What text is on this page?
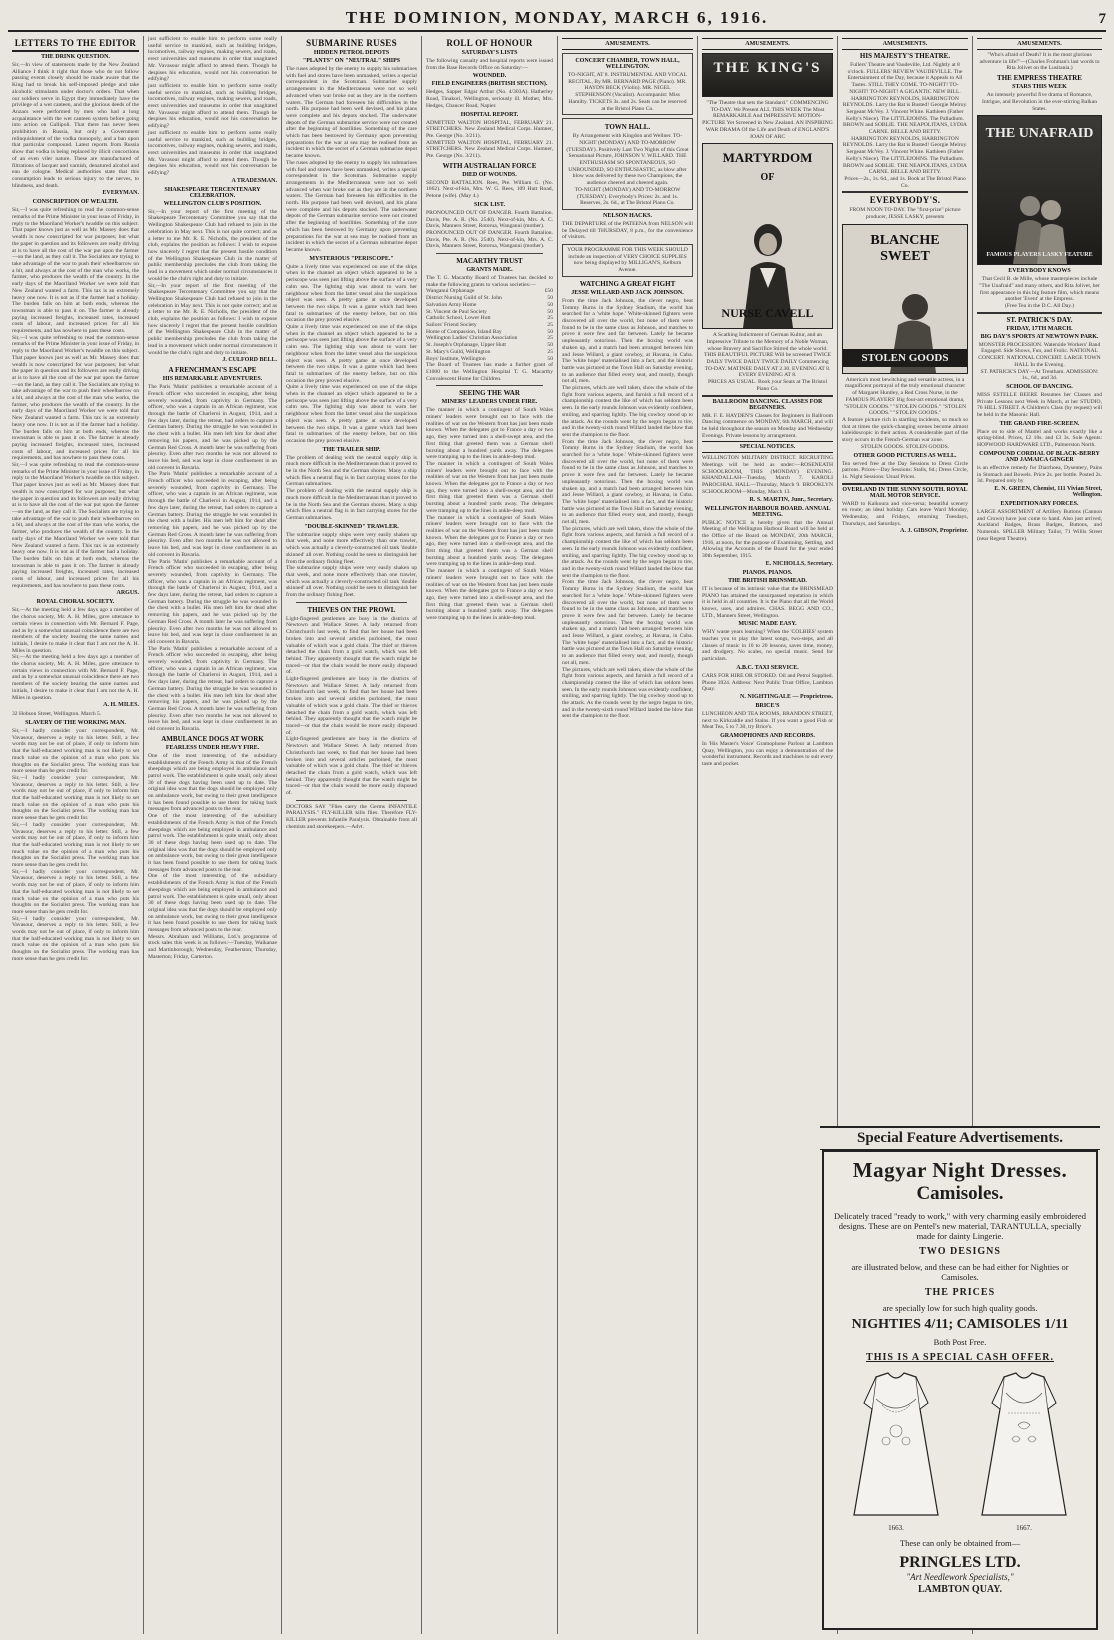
THE DOMINION, MONDAY, MARCH 6, 1916.	7
LETTERS TO THE EDITOR
THE DRINK QUESTION.

Sir,—In view of statements made by the New Zealand Alliance I think it right that those who do not follow passing events closely should be made aware that the King had to break his self-imposed pledge and take alcoholic stimulants under doctor's orders. That when our soldiers serve in Egypt they immediately have the privilege of a wet canteen, and the glorious deeds of the Anzacs were performed by men who had a long acquaintance with the wet canteen system before going into action on Gallipoli. That there has never been prohibition in Russia, but only a Government relinquishment of the vodka monopoly, and a ban upon that particular compound. Latest reports from Russia show that vodka is being replaced by illicit concoctions of an even viler nature. These are manufactured of filtrations of lacquer and varnish, denatured alcohol and eau de cologne. Medical authorities state that this consumption leads to serious injury to the nerves, to blindness, and death.

EVERYMAN.
CONSCRIPTION OF WEALTH.

Sir,—I was quite refreshing to read the common-sense remarks of the Prime Minister in your issue of Friday, in reply to the Maoriland Worker's twaddle on this subject. That paper knows just as well as Mr. Massey does that wealth is now conscripted for war purposes; but what the paper in question and its followers are really driving at is to have all the cost of the war put upon the farmer—on the land, as they call it. The Socialists are trying to take advantage of the war to push their wheelbarrow on a bit, and always at the cost of the man who works, the farmer, who produces the wealth of the country. In the early days of the Maoriland Worker we were told that New Zealand wanted a farm. This tax is an extremely heavy one now. It is not as if the farmer had a holiday. The burden falls on him at both ends, whereas the townsman is able to pass it on. The farmer is already paying increased freights, increased rates, increased costs of labour, and increased prices for all his requirements, and has nowhere to pass these costs.

Sir,—I was quite refreshing to read the common-sense remarks of the Prime Minister in your issue of Friday, in reply to the Maoriland Worker's twaddle on this subject. That paper knows just as well as Mr. Massey does that wealth is now conscripted for war purposes; but what the paper in question and its followers are really driving at is to have all the cost of the war put upon the farmer—on the land, as they call it. The Socialists are trying to take advantage of the war to push their wheelbarrow on a bit, and always at the cost of the man who works, the farmer, who produces the wealth of the country. In the early days of the Maoriland Worker we were told that New Zealand wanted a farm. This tax is an extremely heavy one now. It is not as if the farmer had a holiday. The burden falls on him at both ends, whereas the townsman is able to pass it on. The farmer is already paying increased freights, increased rates, increased costs of labour, and increased prices for all his requirements, and has nowhere to pass these costs.

Sir,—I was quite refreshing to read the common-sense remarks of the Prime Minister in your issue of Friday, in reply to the Maoriland Worker's twaddle on this subject. That paper knows just as well as Mr. Massey does that wealth is now conscripted for war purposes; but what the paper in question and its followers are really driving at is to have all the cost of the war put upon the farmer—on the land, as they call it. The Socialists are trying to take advantage of the war to push their wheelbarrow on a bit, and always at the cost of the man who works, the farmer, who produces the wealth of the country. In the early days of the Maoriland Worker we were told that New Zealand wanted a farm. This tax is an extremely heavy one now. It is not as if the farmer had a holiday. The burden falls on him at both ends, whereas the townsman is able to pass it on. The farmer is already paying increased freights, increased rates, increased costs of labour, and increased prices for all his requirements, and has nowhere to pass these costs.

ARGUS.
ROYAL CHORAL SOCIETY.

Sir,—At the meeting held a few days ago a member of the chorus society, Mr. A. H. Miles, gave utterance to certain views in connection with Mr. Bernard F. Page, and as by a somewhat unusual coincidence there are two members of the society bearing the same names and initials, I desire to make it clear that I am not the A. H. Miles in question.

Sir,—At the meeting held a few days ago a member of the chorus society, Mr. A. H. Miles, gave utterance to certain views in connection with Mr. Bernard F. Page, and as by a somewhat unusual coincidence there are two members of the society bearing the same names and initials, I desire to make it clear that I am not the A. H. Miles in question.

A. H. MILES.

32 Hobson Street, Wellington. March 5.

SLAVERY OF THE WORKING MAN.

Sir,—I hadly consider your correspondent, Mr. Vavasour, deserves a reply to his letter. Still, a few words may not be out of place, if only to inform him that the half-educated working man is not likely to set much value on the opinion of a man who puts his thoughts on the Socialist press. The working man has more sense than he gets credit for.

Sir,—I hadly consider your correspondent, Mr. Vavasour, deserves a reply to his letter. Still, a few words may not be out of place, if only to inform him that the half-educated working man is not likely to set much value on the opinion of a man who puts his thoughts on the Socialist press. The working man has more sense than he gets credit for.

Sir,—I hadly consider your correspondent, Mr. Vavasour, deserves a reply to his letter. Still, a few words may not be out of place, if only to inform him that the half-educated working man is not likely to set much value on the opinion of a man who puts his thoughts on the Socialist press. The working man has more sense than he gets credit for.

Sir,—I hadly consider your correspondent, Mr. Vavasour, deserves a reply to his letter. Still, a few words may not be out of place, if only to inform him that the half-educated working man is not likely to set much value on the opinion of a man who puts his thoughts on the Socialist press. The working man has more sense than he gets credit for.

Sir,—I hadly consider your correspondent, Mr. Vavasour, deserves a reply to his letter. Still, a few words may not be out of place, if only to inform him that the half-educated working man is not likely to set much value on the opinion of a man who puts his thoughts on the Socialist press. The working man has more sense than he gets credit for.

just sufficient to enable him to perform some really useful service to mankind, such as building bridges, locomotives, railway engines, making sewers, and roads, erect universities and museums in order that unagitated Mr. Vavasour might afford to attend them. Though he despises his education, would not his conversation be edifying?

just sufficient to enable him to perform some really useful service to mankind, such as building bridges, locomotives, railway engines, making sewers, and roads, erect universities and museums in order that unagitated Mr. Vavasour might afford to attend them. Though he despises his education, would not his conversation be edifying?

just sufficient to enable him to perform some really useful service to mankind, such as building bridges, locomotives, railway engines, making sewers, and roads, erect universities and museums in order that unagitated Mr. Vavasour might afford to attend them. Though he despises his education, would not his conversation be edifying?

A TRADESMAN.
SHAKESPEARE TERCENTENARY CELEBRATION.
WELLINGTON CLUB'S POSITION.

Sir,—In your report of the first meeting of the Shakespeare Tercentenary Committee you say that the Wellington Shakespeare Club had refused to join in the celebration in May next. This is not quite correct; and as a letter to me Mr. R. E. Nicholls, the president of the club, explains the position as follows: I wish to expose how sincerely I regret that the present hostile condition of the Wellington Shakespeare Club in the matter of public membership precludes the club from taking the lead in a movement which under normal circumstances it would be the club's right and duty to initiate.

Sir,—In your report of the first meeting of the Shakespeare Tercentenary Committee you say that the Wellington Shakespeare Club had refused to join in the celebration in May next. This is not quite correct; and as a letter to me Mr. R. E. Nicholls, the president of the club, explains the position as follows: I wish to expose how sincerely I regret that the present hostile condition of the Wellington Shakespeare Club in the matter of public membership precludes the club from taking the lead in a movement which under normal circumstances it would be the club's right and duty to initiate.

J. CULFORD BELL.
A FRENCHMAN'S ESCAPE
HIS REMARKABLE ADVENTURES.

The Paris 'Matin' publishes a remarkable account of a French officer who succeeded in escaping, after being severely wounded, from captivity in Germany. The officer, who was a captain in an African regiment, was through the battle of Charleroi in August, 1914, and a few days later, during the retreat, had orders to capture a German battery. During the struggle he was wounded in the chest with a bullet. His men left him for dead after removing his papers, and he was picked up by the German Red Cross. A month later he was suffering from pleurisy. Even after two months he was not allowed to leave his bed, and was kept in close confinement in an old convent in Bavaria.

The Paris 'Matin' publishes a remarkable account of a French officer who succeeded in escaping, after being severely wounded, from captivity in Germany. The officer, who was a captain in an African regiment, was through the battle of Charleroi in August, 1914, and a few days later, during the retreat, had orders to capture a German battery. During the struggle he was wounded in the chest with a bullet. His men left him for dead after removing his papers, and he was picked up by the German Red Cross. A month later he was suffering from pleurisy. Even after two months he was not allowed to leave his bed, and was kept in close confinement in an old convent in Bavaria.

The Paris 'Matin' publishes a remarkable account of a French officer who succeeded in escaping, after being severely wounded, from captivity in Germany. The officer, who was a captain in an African regiment, was through the battle of Charleroi in August, 1914, and a few days later, during the retreat, had orders to capture a German battery. During the struggle he was wounded in the chest with a bullet. His men left him for dead after removing his papers, and he was picked up by the German Red Cross. A month later he was suffering from pleurisy. Even after two months he was not allowed to leave his bed, and was kept in close confinement in an old convent in Bavaria.

The Paris 'Matin' publishes a remarkable account of a French officer who succeeded in escaping, after being severely wounded, from captivity in Germany. The officer, who was a captain in an African regiment, was through the battle of Charleroi in August, 1914, and a few days later, during the retreat, had orders to capture a German battery. During the struggle he was wounded in the chest with a bullet. His men left him for dead after removing his papers, and he was picked up by the German Red Cross. A month later he was suffering from pleurisy. Even after two months he was not allowed to leave his bed, and was kept in close confinement in an old convent in Bavaria.

AMBULANCE DOGS AT WORK
FEARLESS UNDER HEAVY FIRE.

One of the most interesting of the subsidiary establishments of the French Army is that of the French sheepdogs which are being employed in ambulance and patrol work. The establishment is quite small, only about 30 of these dogs having been used up to date. The original idea was that the dogs should be employed only on ambulance work, but owing to their great intelligence it has been found possible to use them for taking back messages from advanced posts to the rear.

One of the most interesting of the subsidiary establishments of the French Army is that of the French sheepdogs which are being employed in ambulance and patrol work. The establishment is quite small, only about 30 of these dogs having been used up to date. The original idea was that the dogs should be employed only on ambulance work, but owing to their great intelligence it has been found possible to use them for taking back messages from advanced posts to the rear.

One of the most interesting of the subsidiary establishments of the French Army is that of the French sheepdogs which are being employed in ambulance and patrol work. The establishment is quite small, only about 30 of these dogs having been used up to date. The original idea was that the dogs should be employed only on ambulance work, but owing to their great intelligence it has been found possible to use them for taking back messages from advanced posts to the rear.

Messrs. Abraham and Williams, Ltd.'s programme of stock sales this week is as follows:—Tuesday, Waikanae and Martinborough; Wednesday, Featherston; Thursday, Masterton; Friday, Carterton.

SUBMARINE RUSES
HIDDEN PETROL DEPOTS
"PLANTS" ON "NEUTRAL" SHIPS

The ruses adopted by the enemy to supply his submarines with fuel and stores have been unmasked, writes a special correspondent in the Scotsman. Submarine supply arrangements in the Mediterranean were not so well advanced when war broke out as they are in the northern waters. The German had foreseen his difficulties in the north. His purpose had been well devised, and his plans were complete and his depots stocked. The underwater depots of the German submarine service were not created after the beginning of hostilities. Something of the care which has been bestowed by Germany upon preventing preparations for the war at sea may be realised from an incident in which the secret of a German submarine depot became known.

The ruses adopted by the enemy to supply his submarines with fuel and stores have been unmasked, writes a special correspondent in the Scotsman. Submarine supply arrangements in the Mediterranean were not so well advanced when war broke out as they are in the northern waters. The German had foreseen his difficulties in the north. His purpose had been well devised, and his plans were complete and his depots stocked. The underwater depots of the German submarine service were not created after the beginning of hostilities. Something of the care which has been bestowed by Germany upon preventing preparations for the war at sea may be realised from an incident in which the secret of a German submarine depot became known.

MYSTERIOUS "PERISCOPE."

Quite a lively time was experienced on one of the ships when in the channel an object which appeared to be a periscope was seen just lifting above the surface of a very calm sea. The lighting ship was about to warn her neighbour when from the latter vessel also the suspicious object was seen. A pretty game at once developed between the two ships. It was a game which had been fatal to submarines of the enemy before, but on this occasion the prey proved elusive.

Quite a lively time was experienced on one of the ships when in the channel an object which appeared to be a periscope was seen just lifting above the surface of a very calm sea. The lighting ship was about to warn her neighbour when from the latter vessel also the suspicious object was seen. A pretty game at once developed between the two ships. It was a game which had been fatal to submarines of the enemy before, but on this occasion the prey proved elusive.

Quite a lively time was experienced on one of the ships when in the channel an object which appeared to be a periscope was seen just lifting above the surface of a very calm sea. The lighting ship was about to warn her neighbour when from the latter vessel also the suspicious object was seen. A pretty game at once developed between the two ships. It was a game which had been fatal to submarines of the enemy before, but on this occasion the prey proved elusive.

THE TRAILER SHIP.

The problem of dealing with the neutral supply ship is much more difficult in the Mediterranean than it proved to be in the North Sea and the German shores. Many a ship which flies a neutral flag is in fact carrying stores for the German submarines.

The problem of dealing with the neutral supply ship is much more difficult in the Mediterranean than it proved to be in the North Sea and the German shores. Many a ship which flies a neutral flag is in fact carrying stores for the German submarines.

"DOUBLE-SKINNED" TRAWLER.

The submarine supply ships were very easily shaken up that week, and none more effectively than one trawler, which was actually a cleverly-constructed oil tank 'double skinned' all over. Nothing could be seen to distinguish her from the ordinary fishing fleet.

The submarine supply ships were very easily shaken up that week, and none more effectively than one trawler, which was actually a cleverly-constructed oil tank 'double skinned' all over. Nothing could be seen to distinguish her from the ordinary fishing fleet.

THIEVES ON THE PROWL

Light-fingered gentlemen are busy in the districts of Newtown and Wallace Street. A lady returned from Christchurch last week, to find that her house had been broken into and several articles purloined, the most valuable of which was a gold chain. The thief or thieves detached the chain from a gold watch, which was left behind. They apparently thought that the watch might be traced—or that the chain would be more easily disposed of.

Light-fingered gentlemen are busy in the districts of Newtown and Wallace Street. A lady returned from Christchurch last week, to find that her house had been broken into and several articles purloined, the most valuable of which was a gold chain. The thief or thieves detached the chain from a gold watch, which was left behind. They apparently thought that the watch might be traced—or that the chain would be more easily disposed of.

Light-fingered gentlemen are busy in the districts of Newtown and Wallace Street. A lady returned from Christchurch last week, to find that her house had been broken into and several articles purloined, the most valuable of which was a gold chain. The thief or thieves detached the chain from a gold watch, which was left behind. They apparently thought that the watch might be traced—or that the chain would be more easily disposed of.

DOCTORS SAY "Flies carry the Germs INFANTILE PARALYSIS." FLY-KILLER kills flies. Therefore FLY-KILLER prevents Infantile Paralysis. Obtainable from all chemists and storekeepers.—Advt.

ROLL OF HONOUR
SATURDAY'S LISTS

The following casualty and hospital reports were issued from the Base Records Office on Saturday:—

WOUNDED.
FIELD ENGINEERS (BRITISH SECTION).

Hedges, Sapper Edgar Arthur (No. 4/303A). Hatherley Road, Tinakori, Wellington, seriously ill. Mother, Mrs. Hedges, Chaucer Road, Napier.

HOSPITAL REPORT.

ADMITTED WALTON HOSPITAL, FEBRUARY 21. STRETCHERS. New Zealand Medical Corps. Hamner, Pte. George (No. 3/211).

ADMITTED WALTON HOSPITAL, FEBRUARY 21. STRETCHERS. New Zealand Medical Corps. Hamner, Pte. George (No. 3/211).

WITH AUSTRALIAN FORCE
DIED OF WOUNDS.

SECOND BATTALION. Rees, Pte. William G. (No. 1662). Next-of-kin, Mrs. W. G. Rees, 109 Hutt Road, Petone (wife). (May 4.)

SICK LIST.

PRONOUNCED OUT OF DANGER. Fourth Battalion. Davis, Pte. A. R. (No. 2540). Next-of-kin, Mrs. A. C. Davis, Manners Street, Rotorua, Wanganui (mother).

PRONOUNCED OUT OF DANGER. Fourth Battalion. Davis, Pte. A. R. (No. 2540). Next-of-kin, Mrs. A. C. Davis, Manners Street, Rotorua, Wanganui (mother).

MACARTHY TRUST
GRANTS MADE.

The T. G. Macarthy Board of Trustees has decided to make the following grants to various societies:—

Wanganui Orphanage	£50
District Nursing Guild of St. John	50
Salvation Army Home	50
St. Vincent de Paul Society	50
Catholic School, Lower Hutt	25
Sailors' Friend Society	25
Home of Compassion, Island Bay	50
Wellington Ladies' Christian Association	25
St. Joseph's Orphanage, Upper Hutt	50
St. Mary's Guild, Wellington	25
Boys' Institute, Wellington	50

The Board of Trustees has made a further grant of £1000 to the Wellington Hospital T. G. Macarthy Convalescent Home for Children.

SEEING THE WAR
MINERS' LEADERS UNDER FIRE.

The manner in which a contingent of South Wales miners' leaders were brought out to face with the realities of war on the Western front has just been made known. When the delegates got to France a day or two ago, they were turned into a shell-swept area, and the first thing that greeted them was a German shell bursting about a hundred yards away. The delegates were tramping up to the lines in ankle-deep mud.

The manner in which a contingent of South Wales miners' leaders were brought out to face with the realities of war on the Western front has just been made known. When the delegates got to France a day or two ago, they were turned into a shell-swept area, and the first thing that greeted them was a German shell bursting about a hundred yards away. The delegates were tramping up to the lines in ankle-deep mud.

The manner in which a contingent of South Wales miners' leaders were brought out to face with the realities of war on the Western front has just been made known. When the delegates got to France a day or two ago, they were turned into a shell-swept area, and the first thing that greeted them was a German shell bursting about a hundred yards away. The delegates were tramping up to the lines in ankle-deep mud.

The manner in which a contingent of South Wales miners' leaders were brought out to face with the realities of war on the Western front has just been made known. When the delegates got to France a day or two ago, they were turned into a shell-swept area, and the first thing that greeted them was a German shell bursting about a hundred yards away. The delegates were tramping up to the lines in ankle-deep mud.

AMUSEMENTS.
CONCERT CHAMBER, TOWN HALL, WELLINGTON.

TO-NIGHT, AT 8. INSTRUMENTAL AND VOCAL RECITAL, By MR. BERNARD PAGE (Piano). MR. HAYDN BECK (Violin). MR. NIGEL STEPHENSON (Vocalist). Accompanist: Miss Hamilty. TICKETS 3s. and 2s. Seats can be reserved at the Bristol Piano Co.

TOWN HALL.

By Arrangement with Kingdon and Wellner. TO-NIGHT (MONDAY) AND TO-MORROW (TUESDAY). Positively Last Two Nights of this Great Sensational Picture, JOHNSON V. WILLARD. THE ENTHUSIASM SO SPONTANEOUS, SO UNBOUNDED, SO ENTHUSIASTIC, as blow after blow was delivered by these two Champions, the audience cheered and cheered again.

TO-NIGHT (MONDAY) AND TO-MORROW (TUESDAY). Everybody's Prices: 2s. and 1s. Reserves, 2s. 6d., at The Bristol Piano Co.

NELSON HACKS.

THE DEPARTURE of the PATEENA from NELSON will be Delayed till THURSDAY, 8 p.m., for the convenience of visitors.

YOUR PROGRAMME FOR THIS WEEK SHOULD include an inspection of VERY CHOICE SUPPLIES now being displayed by MILLIGAN'S, Kelburn Avenue.

WATCHING A GREAT FIGHT
JESSE WILLARD AND JACK JOHNSON.

From the time Jack Johnson, the clever negro, beat Tommy Burns in the Sydney Stadium, the world has searched for a 'white hope.' White-skinned fighters were discovered all over the world, but none of them were found to be in the same class as Johnson, and matches to prove it were few and far between. Lately he became unpleasantly notorious. Then the boxing world was shaken up, and a match had been arranged between him and Jesse Willard, a giant cowboy, at Havana, in Cuba. The 'white hope' materialised into a fact, and the historic battle was pictured at the Town Hall on Saturday evening, to an audience that filled every seat, and mostly, though not all, men.

The pictures, which are well taken, show the whole of the fight from various aspects, and furnish a full record of a championship contest the like of which has seldom been seen. In the early rounds Johnson was evidently confident, smiling, and sparring lightly. The big cowboy stood up to the attack. As the rounds went by the negro began to tire, and in the twenty-sixth round Willard landed the blow that sent the champion to the floor.

From the time Jack Johnson, the clever negro, beat Tommy Burns in the Sydney Stadium, the world has searched for a 'white hope.' White-skinned fighters were discovered all over the world, but none of them were found to be in the same class as Johnson, and matches to prove it were few and far between. Lately he became unpleasantly notorious. Then the boxing world was shaken up, and a match had been arranged between him and Jesse Willard, a giant cowboy, at Havana, in Cuba. The 'white hope' materialised into a fact, and the historic battle was pictured at the Town Hall on Saturday evening, to an audience that filled every seat, and mostly, though not all, men.

The pictures, which are well taken, show the whole of the fight from various aspects, and furnish a full record of a championship contest the like of which has seldom been seen. In the early rounds Johnson was evidently confident, smiling, and sparring lightly. The big cowboy stood up to the attack. As the rounds went by the negro began to tire, and in the twenty-sixth round Willard landed the blow that sent the champion to the floor.

From the time Jack Johnson, the clever negro, beat Tommy Burns in the Sydney Stadium, the world has searched for a 'white hope.' White-skinned fighters were discovered all over the world, but none of them were found to be in the same class as Johnson, and matches to prove it were few and far between. Lately he became unpleasantly notorious. Then the boxing world was shaken up, and a match had been arranged between him and Jesse Willard, a giant cowboy, at Havana, in Cuba. The 'white hope' materialised into a fact, and the historic battle was pictured at the Town Hall on Saturday evening, to an audience that filled every seat, and mostly, though not all, men.

The pictures, which are well taken, show the whole of the fight from various aspects, and furnish a full record of a championship contest the like of which has seldom been seen. In the early rounds Johnson was evidently confident, smiling, and sparring lightly. The big cowboy stood up to the attack. As the rounds went by the negro began to tire, and in the twenty-sixth round Willard landed the blow that sent the champion to the floor.

AMUSEMENTS.
THE KING'S

"The Theatre that sets the Standard." COMMENCING TO-DAY. We Present ALL THIS WEEK The Most REMARKABLE And IMPRESSIVE MOTION-PICTURE Yet Screened in New Zealand. AN INSPIRING WAR DRAMA Of the Life and Death of ENGLAND'S JOAN OF ARC

MARTYRDOM
OF
NURSE CAVELL

A Scathing Indictment of German Kultur, and an Impressive Tribute to the Memory of a Noble Woman, whose Bravery and Sacrifice Stirred the whole world.

THIS BEAUTIFUL PICTURE Will be screened TWICE DAILY TWICE DAILY TWICE DAILY Commencing TO-DAY. MATINEE DAILY AT 2.30. EVENING AT 8. EVERY EVENING AT 8.

PRICES AS USUAL. Book your Seats at The Bristol Piano Co.

BALLROOM DANCING. CLASSES FOR BEGINNERS.

MR. F. E. HAYDEN'S Classes for Beginners in Ballroom Dancing commence on MONDAY, 6th MARCH, and will be held throughout the season on Monday and Wednesday Evenings. Private lessons by arrangement.

SPECIAL NOTICES.

WELLINGTON MILITARY DISTRICT. RECRUITING Meetings will be held as under:—ROSENEATH SCHOOLROOM, THIS (MONDAY) EVENING. KHANDALLAH—Tuesday, March 7. KAROLI PAROCHIAL HALL—Thursday, March 9. BROOKLYN SCHOOLROOM—Monday, March 13.

R. S. MARTIN, Junr., Secretary.
WELLINGTON HARBOUR BOARD. ANNUAL MEETING.

PUBLIC NOTICE is hereby given that the Annual Meeting of the Wellington Harbour Board will be held at the Office of the Board on MONDAY, 20th MARCH, 1916, at noon, for the purpose of Examining, Settling, and Allowing the Accounts of the Board for the year ended 30th September, 1915.

E. NICHOLLS, Secretary.
PIANOS. PIANOS.
THE BRITISH BRINSMEAD.

IT is because of its intrinsic value that the BRINSMEAD PIANO has attained the unsurpassed reputation in which it is held in all countries. It is the Piano that all the World knows, uses, and admires. CHAS. BEGG AND CO., LTD., Manners Street, Wellington.

MUSIC MADE EASY.

WHY waste years learning? When the 'COLBIES' system teaches you to play the latest songs, two-steps, and all classes of music in 10 to 20 lessons, saves time, money, and drudgery. No scales, no special music. Send for particulars.

A.B.C. TAXI SERVICE.

CARS FOR HIRE OR STORED. Oil and Petrol Supplied. Phone 3924. Address: Next Public Trust Office, Lambton Quay.

N. NIGHTINGALE — Proprietress.
BRICE'S

LUNCHEON AND TEA ROOMS, BRANDON STREET, next to Kirkcaldie and Stains. If you want a good Fish or Meat Tea, 5 to 7.30, try Brice's.

GRAMOPHONES AND RECORDS.

In 'His Master's Voice' Gramophone Parlour at Lambton Quay, Wellington, you can enjoy a demonstration of the wonderful instrument. Records and machines to suit every taste and pocket.

AMUSEMENTS.
HIS MAJESTY'S THEATRE.

Fullers' Theatre and Vaudeville, Ltd. Nightly at 8 o'clock. FULLERS' REVIEW VAUDEVILLE. The Entertainment of the Day, because it Appeals to All Tastes. STILL THEY COME. TO-NIGHT! TO-NIGHT! TO-NIGHT! A GIGANTIC NEW BILL.

HARRINGTON REYNOLDS, HARRINGTON REYNOLDS. Larry the Bat is Busted! Georgie Melroy. Sergeant McVey. J. Vincent White. Kathleen (Father Kelly's Niece). The LITTLEJOHNS. The Palladium. BROWN and SOBLIE. THE NEAPOLITANS, LYDIA CARNE. BELLE AND BETTY.

HARRINGTON REYNOLDS, HARRINGTON REYNOLDS. Larry the Bat is Busted! Georgie Melroy. Sergeant McVey. J. Vincent White. Kathleen (Father Kelly's Niece). The LITTLEJOHNS. The Palladium. BROWN and SOBLIE. THE NEAPOLITANS, LYDIA CARNE. BELLE AND BETTY.

Prices—2s., 1s. 6d., and 1s. Book at The Bristol Piano Co.

EVERYBODY'S.

FROM NOON TO-DAY. The "first-prize" picture producer, JESSE LASKY, presents

BLANCHE SWEET
STOLEN GOODS

America's most bewitching and versatile actress, in a magnificent portrayal of the truly emotional character of Margaret Huntley, a Red Cross Nurse, in the FAMOUS PLAYERS' Big four-act emotional drama,

"STOLEN GOODS." "STOLEN GOODS." "STOLEN GOODS." "STOLEN GOODS."

A feature picture rich in startling incidents, so much so that at times the quick-changing scenes become almost kaleidoscopic in their action. A considerable part of the story occurs in the French-German war zone.

STOLEN GOODS. STOLEN GOODS.

OTHER GOOD PICTURES AS WELL.

Tea served free at the Day Sessions to Dress Circle patrons. Prices—Day Sessions: Stalls, 6d.; Dress Circle, 1s. Night Sessions: Usual Prices.

OVERLAND IN THE SUNNY SOUTH. ROYAL MAIL MOTOR SERVICE.

WARD to Kaikoura and vice-versa; beautiful scenery en route; an ideal holiday. Cars leave Ward Monday, Wednesday, and Fridays, returning Tuesdays, Thursdays, and Saturdays.

A. J. GIBSON, Proprietor.
AMUSEMENTS.

"Who's afraid of Death? It is the most glorious adventure in life!"—(Charles Frohman's last words to Rita Jolivet on the Lusitania.)

THE EMPRESS THEATRE
STARS THIS WEEK

An intensely powerful five drama of Romance, Intrigue, and Revolution in the ever-stirring Balkan States.

THE UNAFRAID
FAMOUS PLAYERS LASKY FEATURE
EVERYBODY KNOWS

That Cecil B. de Mille, whose masterpieces include "The Unafraid" and many others, and Rita Jolivet, her first appearance in this big feature film, which means another 'Event' at the Empress.

(Free Tea in the D.C. All Day.)

ST. PATRICK'S DAY.
FRIDAY, 17TH MARCH.
BIG DAY'S SPORTS AT NEWTOWN PARK.

MONSTER PROCESSION. Waterside Workers' Band Engaged. Side Shows, Fun, and Frolic. NATIONAL CONCERT. NATIONAL CONCERT. LARGE TOWN HALL In the Evening.

ST. PATRICK'S DAY—At Trentham. ADMISSION: 1s., 6d., and 3d.

SCHOOL OF DANCING.

MISS ESTELLE BEERE Resumes her Classes and Private Lessons next Week in March, at her STUDIO, 76 HILL STREET. A Children's Class (by request) will be held in the Masonic Hall.

THE GRAND FIRE-SCREEN.

Place on to side of Mantel and works exactly like a spring-blind. Prices, £2 10s. and £3 3s. Sole Agents: HOPWOOD HARDWARE LTD., Palmerston North.

COMPOUND CORDIAL OF BLACK-BERRY AND JAMAICA GINGER

is an effective remedy for Diarrhoea, Dysentery, Pains in Stomach and Bowels. Price 2s. per bottle. Posted 2s. 3d. Prepared only by

E. N. GREEN, Chemist, 111 Vivian Street, Wellington.
EXPEDITIONARY FORCES.

LARGE ASSORTMENT of Artillery Buttons (Cannon and Crown) have just come to hand. Also just arrived, Auckland Badges, Brass Badges, Buttons, and Numerals. SPILLER Military Tailor, 71 Willis Street (near Regent Theatre).

Special Feature Advertisements.
Magyar Night Dresses.
Camisoles.
Delicately traced "ready to work," with very charming easily embroidered designs. These are on Pentel's new material, TARANTULLA, specially made for dainty Lingerie.
TWO DESIGNS
are illustrated below, and these can be had either for Nighties or Camisoles.
THE PRICES
are specially low for such high quality goods.
NIGHTIES 4/11; CAMISOLES 1/11
Both Post Free.
THIS IS A SPECIAL CASH OFFER.
1663.	1667.
These can only be obtained from—
PRINGLES LTD.
"Art Needlework Specialists,"
LAMBTON QUAY.
